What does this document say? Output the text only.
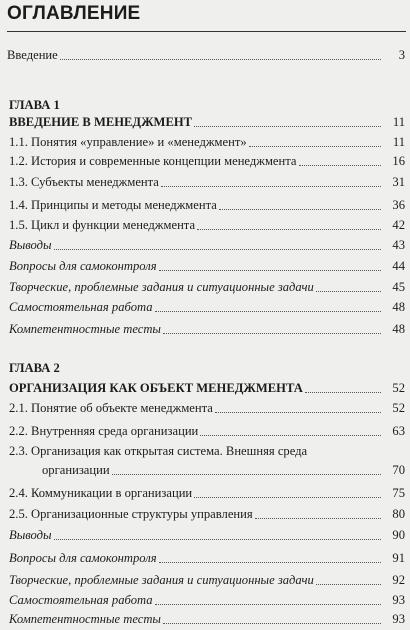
ОГЛАВЛЕНИЕ
Введение	3
ГЛАВА 1
ВВЕДЕНИЕ В МЕНЕДЖМЕНТ	11
1.1. Понятия «управление» и «менеджмент»	11
1.2. История и современные концепции менеджмента	16
1.3. Субъекты менеджмента	31
1.4. Принципы и методы менеджмента	36
1.5. Цикл и функции менеджмента	42
Выводы	43
Вопросы для самоконтроля	44
Творческие, проблемные задания и ситуационные задачи	45
Самостоятельная работа	48
Компетентностные тесты	48
ГЛАВА 2
ОРГАНИЗАЦИЯ КАК ОБЪЕКТ МЕНЕДЖМЕНТА	52
2.1. Понятие об объекте менеджмента	52
2.2. Внутренняя среда организации	63
2.3. Организация как открытая система. Внешняя среда
организации	70
2.4. Коммуникации в организации	75
2.5. Организационные структуры управления	80
Выводы	90
Вопросы для самоконтроля	91
Творческие, проблемные задания и ситуационные задачи	92
Самостоятельная работа	93
Компетентностные тесты	93
